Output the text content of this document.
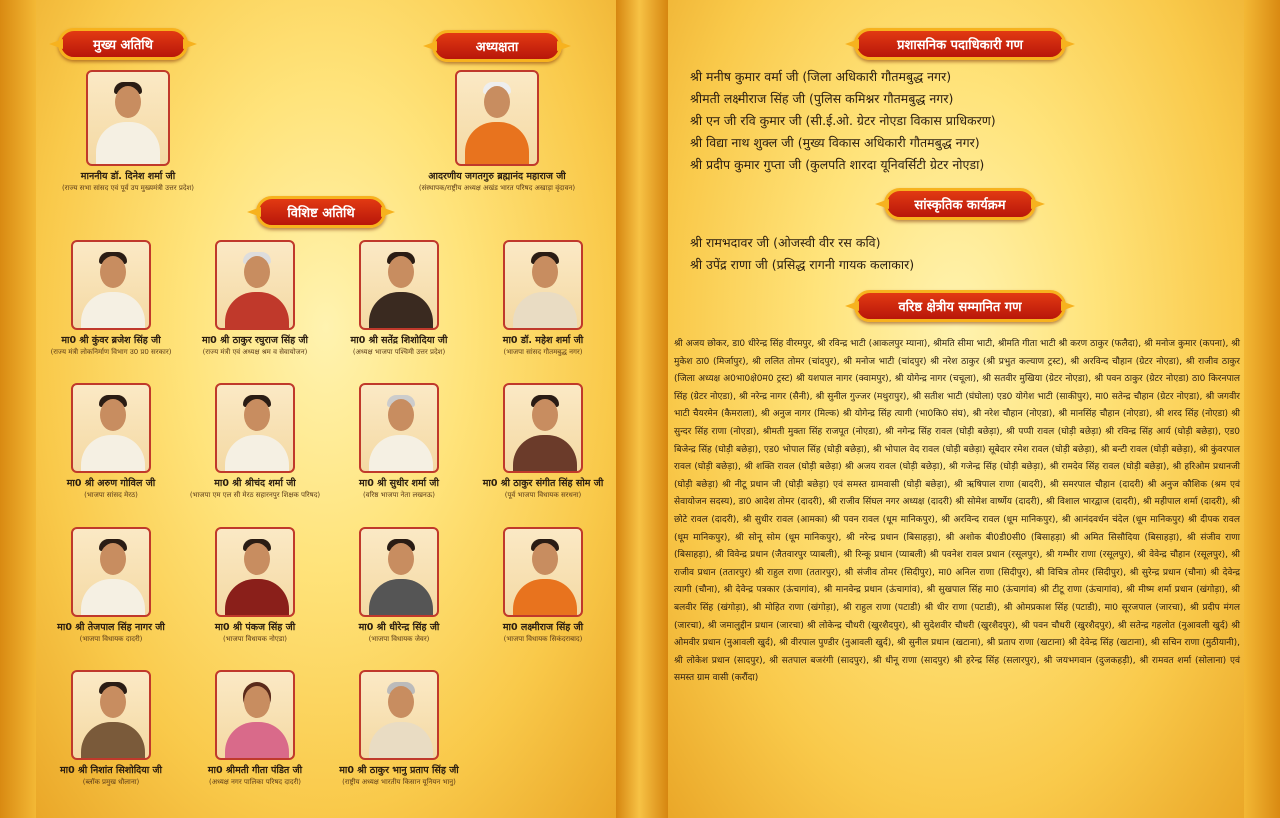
मुख्य अतिथि	अध्यक्षता
माननीय डॉ. दिनेश शर्मा जी
(राज्य सभा सांसद एवं पूर्व उप मुख्यमंत्री उत्तर प्रदेश)
आदरणीय जगतगुरु ब्रह्मानंद महाराज जी
(संस्थापक/राष्ट्रीय अध्यक्ष अखंड भारत परिषद अखाड़ा वृंदावन)
विशिष्ट अतिथि
मा0 श्री कुंवर ब्रजेश सिंह जी
(राज्य मंत्री लोकनिर्माण विभाग उ0 प्र0 सरकार)
मा0 श्री ठाकुर रघुराज सिंह जी
(राज्य मंत्री एवं अध्यक्ष श्रम व सेवायोजन)
मा0 श्री सतेंद्र शिशोदिया जी
(अध्यक्ष भाजपा पश्चिमी उत्तर प्रदेश)
मा0 डॉ. महेश शर्मा जी
(भाजपा सांसद गौतमबुद्ध नगर)
मा0 श्री अरुण गोविल जी
(भाजपा सांसद मेरठ)
मा0 श्री श्रीचंद शर्मा जी
(भाजपा एम एल सी मेरठ सहारनपुर शिक्षक परिषद)
मा0 श्री सुधीर शर्मा जी
(वरिष्ठ भाजपा नेता लखनऊ)
मा0 श्री ठाकुर संगीत सिंह सोम जी
(पूर्व भाजपा विधायक सरधना)
मा0 श्री तेजपाल सिंह नागर जी
(भाजपा विधायक दादरी)
मा0 श्री पंकज सिंह जी
(भाजपा विधायक नोएडा)
मा0 श्री धीरेन्द्र सिंह जी
(भाजपा विधायक जेवर)
मा0 लक्ष्मीराज सिंह जी
(भाजपा विधायक सिकंदराबाद)
मा0 श्री निशांत सिशोदिया जी
(ब्लॉक प्रमुख धौलाना)
मा0 श्रीमती गीता पंडित जी
(अध्यक्ष नगर पालिका परिषद दादरी)
मा0 श्री ठाकुर भानु प्रताप सिंह जी
(राष्ट्रीय अध्यक्ष भारतीय किसान यूनियन भानु)
प्रशासनिक पदाधिकारी गण
श्री मनीष कुमार वर्मा जी (जिला अधिकारी गौतमबुद्ध नगर)
श्रीमती लक्ष्मीराज सिंह जी (पुलिस कमिश्नर गौतमबुद्ध नगर)
श्री एन जी रवि कुमार जी (सी.ई.ओ. ग्रेटर नोएडा विकास प्राधिकरण)
श्री विद्या नाथ शुक्ल जी (मुख्य विकास अधिकारी गौतमबुद्ध नगर)
श्री प्रदीप कुमार गुप्ता जी (कुलपति शारदा यूनिवर्सिटी ग्रेटर नोएडा)
सांस्कृतिक कार्यक्रम
श्री रामभदावर जी (ओजस्वी वीर रस कवि)
श्री उपेंद्र राणा जी (प्रसिद्ध रागनी गायक कलाकार)
वरिष्ठ क्षेत्रीय सम्मानित गण
श्री अजय छोकर, डा0 धीरेन्द्र सिंह वीरमपुर, श्री रविन्द्र भाटी (आकलपुर म्याना), श्रीमति सीमा भाटी, श्रीमति गीता भाटी श्री करण ठाकुर (फलैदा), श्री मनोज कुमार (कपना), श्री मुकेश ठा0 (मिर्जापुर), श्री ललित तोमर (चांदपुर), श्री मनोज भाटी (चांदपुर) श्री नरेश ठाकुर (श्री प्रभुत कल्याण ट्रस्ट), श्री अरविन्द चौहान (ग्रेटर नोएडा), श्री राजीव ठाकुर (जिला अध्यक्ष अ0भा0क्षे0म0 ट्रस्ट) श्री यशपाल नागर (क्वामपुर), श्री योगेन्द्र नागर (चचूला), श्री सतवीर मुखिया (ग्रेटर नोएडा), श्री पवन ठाकुर (ग्रेटर नोएडा) ठा0 किरनपाल सिंह (ग्रेटर नोएडा), श्री नरेन्द्र नागर (सैनी), श्री सुनील गुज्जर (मथुरापुर), श्री सतीश भाटी (घंघोला) एड0 योगेश भाटी (साकीपुर), मा0 सतेन्द्र चौहान (ग्रेटर नोएडा), श्री जगवीर भाटी चैयरमेन (कैमराला), श्री अनुज नागर (मिल्क) श्री योगेन्द्र सिंह त्यागी (भा0कि0 संघ), श्री नरेश चौहान (नोएडा), श्री मानसिंह चौहान (नोएडा), श्री शरद सिंह (नोएडा) श्री सुन्दर सिंह राणा (नोएडा), श्रीमती मुक्ता सिंह राजपूत (नोएडा), श्री नगेन्द्र सिंह रावल (घोड़ी बछेड़ा), श्री पप्पी रावल (घोड़ी बछेड़ा) श्री रविन्द्र सिंह आर्य (घोड़ी बछेड़ा), एड0 बिजेन्द्र सिंह (घोड़ी बछेड़ा), एड0 भोपाल सिंह (घोड़ी बछेड़ा), श्री भोपाल वेद रावल (घोड़ी बछेड़ा) सूबेदार रमेश रावल (घोड़ी बछेड़ा), श्री बन्टी रावल (घोड़ी बछेड़ा), श्री कुंवरपाल रावल (घोड़ी बछेड़ा), श्री शक्ति रावल (घोड़ी बछेड़ा) श्री अजय रावल (घोड़ी बछेड़ा), श्री गजेन्द्र सिंह (घोड़ी बछेड़ा), श्री रामदेव सिंह रावल (घोड़ी बछेड़ा), श्री हरिओम प्रधानजी (घोड़ी बछेड़ा) श्री नीटू प्रधान जी (घोड़ी बछेड़ा) एवं समस्त ग्रामवासी (घोड़ी बछेड़ा), श्री ऋषिपाल राणा (बादरी), श्री समरपाल चौहान (दादरी) श्री अनुज कौशिक (श्रम एवं सेवायोजन सदस्य), डा0 आदेश तोमर (दादरी), श्री राजीव सिंघल नगर अध्यक्ष (दादरी) श्री सोमेश वार्ष्णेय (दादरी), श्री विशाल भारद्वाज (दादरी), श्री महीपाल शर्मा (दादरी), श्री छोटे रावल (दादरी), श्री सुधीर रावल (आमका) श्री पवन रावल (धूम मानिकपुर), श्री अरविन्द रावल (धूम मानिकपुर), श्री आनंदवर्धन चंदेल (धूम मानिकपुर) श्री दीपक रावल (धूम मानिकपुर), श्री सोनू सोम (धूम मानिकपुर), श्री नरेन्द्र प्रधान (बिसाहड़ा), श्री अशोक बी0डी0सी0 (बिसाहड़ा) श्री अमित सिसौदिया (बिसाहड़ा), श्री संजीव राणा (बिसाहड़ा), श्री विवेन्द्र प्रधान (जैतवारपुर प्याबली), श्री रिन्कू प्रधान (प्याबली) श्री पवनेश रावल प्रधान (रसूलपुर), श्री गम्भीर राणा (रसूलपुर), श्री वेवेन्द्र चौहान (रसूलपुर), श्री राजीव प्रधान (ततारपुर) श्री राहुल राणा (ततारपुर), श्री संजीव तोमर (सिदीपुर), मा0 अनिल राणा (सिदीपुर), श्री विचित्र तोमर (सिदीपुर), श्री सुरेन्द्र प्रधान (चौना) श्री देवेन्द्र त्यागी (चौना), श्री देवेन्द्र पत्रकार (ऊंचागांव), श्री मानवेन्द्र प्रधान (ऊंचागांव), श्री सुखपाल सिंह मा0 (ऊंचागांव) श्री टीटू राणा (ऊंचागांव), श्री मीष्म शर्मा प्रधान (खंगोड़ा), श्री बलवीर सिंह (खंगोड़ा), श्री मोहित राणा (खंगोड़ा), श्री राहुल राणा (पटाडी) श्री धीर राणा (पटाडी), श्री ओमप्रकाश सिंह (पटाडी), मा0 सूरजपाल (जारचा), श्री प्रदीप मंगल (जारचा), श्री जमालुद्दीन प्रधान (जारचा) श्री लोकेन्द्र चौधरी (खुरशैदपुर), श्री सुदेशवीर चौधरी (खुरशैदपुर), श्री पवन चौधरी (खुरशैदपुर), श्री सतेन्द्र गहलोत (नुआवली खुर्द) श्री ओमवीर प्रधान (नुआवली खुर्द), श्री वीरपाल पुण्डीर (नुआवली खुर्द), श्री सुनील प्रधान (खटाना), श्री प्रताप राणा (खटाना) श्री देवेन्द्र सिंह (खटाना), श्री सचिन राणा (मुठीयानी), श्री लोकेश प्रधान (सादपुर), श्री सतपाल बजरंगी (सादपुर), श्री धीनू राणा (सादपुर) श्री हरेन्द्र सिंह (सलारपुर), श्री जयभगवान (दुजकहड़ी), श्री रामवत शर्मा (सोलाना) एवं समस्त ग्राम वासी (करौंदा)
